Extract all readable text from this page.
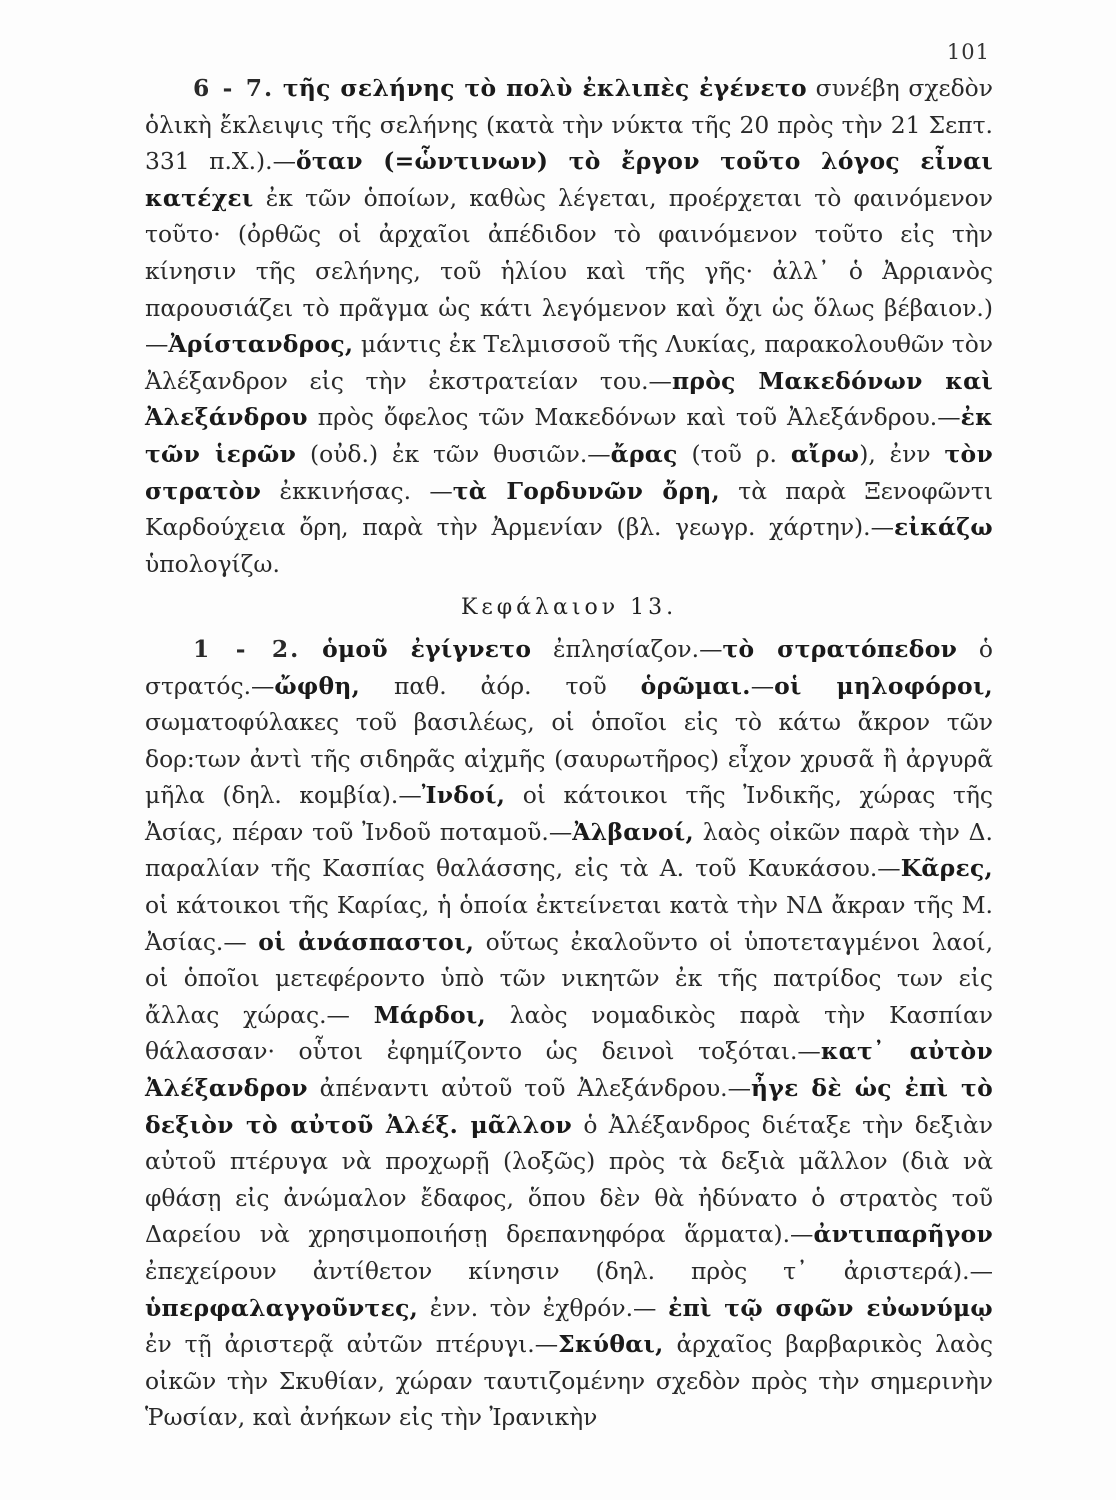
101

6 - 7. τῆς σελήνης τὸ πολὺ ἐκλιπὲς ἐγένετο συνέβη σχεδὸν ὁλικὴ ἔκλειψις τῆς σελήνης (κατὰ τὴν νύκτα τῆς 20 πρὸς τὴν 21 Σεπτ. 331 π.Χ.).—ὅταν (=ὧντινων) τὸ ἔργον τοῦτο λόγος εἶναι κατέχει ἐκ τῶν ὁποίων, καθὼς λέγεται, προέρχεται τὸ φαινόμενον τοῦτο· (ὀρθῶς οἱ ἀρχαῖοι ἀπέδιδον τὸ φαινόμενον τοῦτο εἰς τὴν κίνησιν τῆς σελήνης, τοῦ ἡλίου καὶ τῆς γῆς· ἀλλ᾽ ὁ Ἀρριανὸς παρουσιάζει τὸ πρᾶγμα ὡς κάτι λεγόμενον καὶ ὄχι ὡς ὅλως βέβαιον.)—Ἀρίστανδρος, μάντις ἐκ Τελμισσοῦ τῆς Λυκίας, παρακολουθῶν τὸν Ἀλέξανδρον εἰς τὴν ἐκστρατείαν του.—πρὸς Μακεδόνων καὶ Ἀλεξάνδρου πρὸς ὄφελος τῶν Μακεδόνων καὶ τοῦ Ἀλεξάνδρου.—ἐκ τῶν ἱερῶν (οὐδ.) ἐκ τῶν θυσιῶν.—ἄρας (τοῦ ρ. αἴρω), ἐνν τὸν στρατὸν ἐκκινήσας. —τὰ Γορδυνῶν ὄρη, τὰ παρὰ Ξενοφῶντι Καρδούχεια ὄρη, παρὰ τὴν Ἀρμενίαν (βλ. γεωγρ. χάρτην).—εἰκάζω ὑπολογίζω.

Κεφάλαιον 13.

1 - 2. ὁμοῦ ἐγίγνετο ἐπλησίαζον.—τὸ στρατόπεδον ὁ στρατός.—ὤφθη, παθ. ἀόρ. τοῦ ὁρῶμαι.—οἱ μηλοφόροι, σωματοφύλακες τοῦ βασιλέως, οἱ ὁποῖοι εἰς τὸ κάτω ἄκρον τῶν δορ:των ἀντὶ τῆς σιδηρᾶς αἰχμῆς (σαυρωτῆρος) εἶχον χρυσᾶ ἢ ἀργυρᾶ μῆλα (δηλ. κομβία).—Ἰνδοί, οἱ κάτοικοι τῆς Ἰνδικῆς, χώρας τῆς Ἀσίας, πέραν τοῦ Ἰνδοῦ ποταμοῦ.—Ἀλβανοί, λαὸς οἰκῶν παρὰ τὴν Δ. παραλίαν τῆς Κασπίας θαλάσσης, εἰς τὰ Α. τοῦ Καυκάσου.—Κᾶρες, οἱ κάτοικοι τῆς Καρίας, ἡ ὁποία ἐκτείνεται κατὰ τὴν ΝΔ ἄκραν τῆς Μ. Ἀσίας.— οἱ ἀνάσπαστοι, οὕτως ἐκαλοῦντο οἱ ὑποτεταγμένοι λαοί, οἱ ὁποῖοι μετεφέροντο ὑπὸ τῶν νικητῶν ἐκ τῆς πατρίδος των εἰς ἄλλας χώρας.— Μάρδοι, λαὸς νομαδικὸς παρὰ τὴν Κασπίαν θάλασσαν· οὗτοι ἐφημίζοντο ὡς δεινοὶ τοξόται.—κατ᾽ αὐτὸν Ἀλέξανδρον ἀπέναντι αὐτοῦ τοῦ Ἀλεξάνδρου.—ἦγε δὲ ὡς ἐπὶ τὸ δεξιὸν τὸ αὐτοῦ Ἀλέξ. μᾶλλον ὁ Ἀλέξανδρος διέταξε τὴν δεξιὰν αὐτοῦ πτέρυγα νὰ προχωρῇ (λοξῶς) πρὸς τὰ δεξιὰ μᾶλλον (διὰ νὰ φθάσῃ εἰς ἀνώμαλον ἔδαφος, ὅπου δὲν θὰ ἠδύνατο ὁ στρατὸς τοῦ Δαρείου νὰ χρησιμοποιήσῃ δρεπανηφόρα ἅρματα).—ἀντιπαρῆγον ἐπεχείρουν ἀντίθετον κίνησιν (δηλ. πρὸς τ᾽ ἀριστερά).— ὑπερφαλαγγοῦντες, ἐνν. τὸν ἐχθρόν.— ἐπὶ τῷ σφῶν εὐωνύμῳ ἐν τῇ ἀριστερᾷ αὐτῶν πτέρυγι.—Σκύθαι, ἀρχαῖος βαρβαρικὸς λαὸς οἰκῶν τὴν Σκυθίαν, χώραν ταυτιζομένην σχεδὸν πρὸς τὴν σημερινὴν Ῥωσίαν, καὶ ἀνήκων εἰς τὴν Ἰρανικὴν
